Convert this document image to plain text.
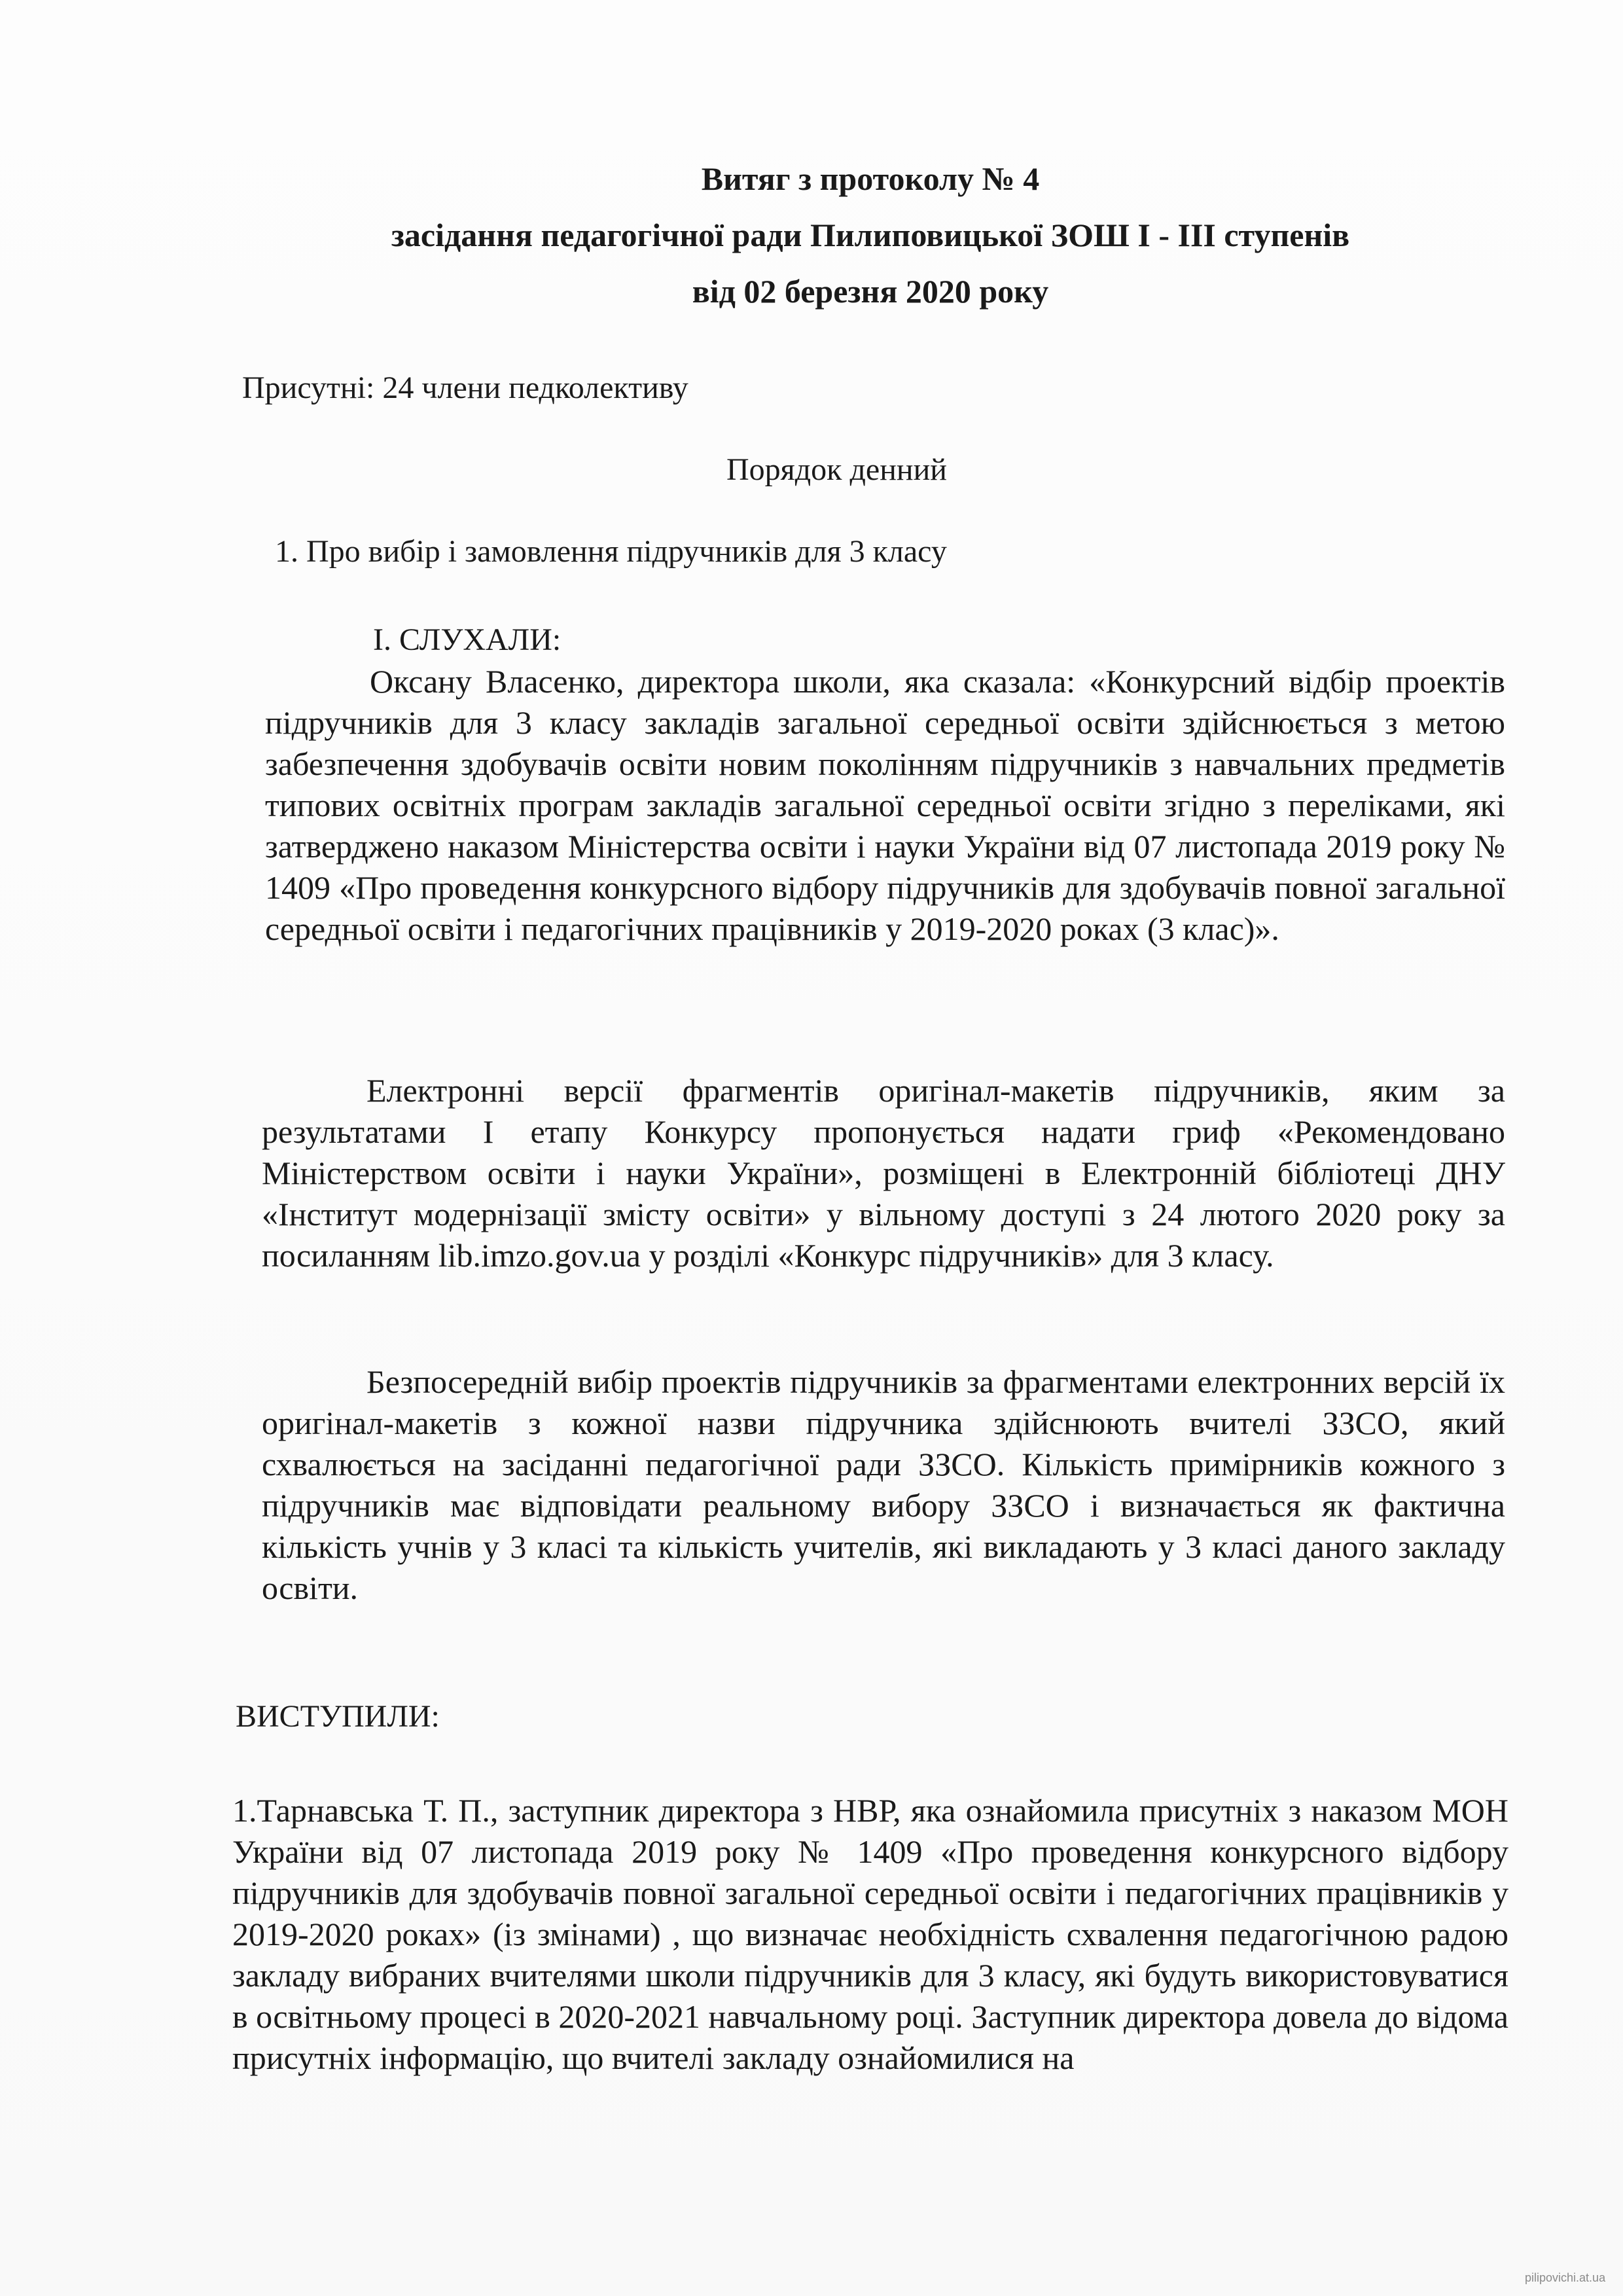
Витяг з протоколу № 4
засідання педагогічної ради Пилиповицької ЗОШ І - ІІІ ступенів
від 02 березня 2020 року
Присутні: 24 члени педколективу
Порядок денний
1. Про вибір і замовлення підручників для 3 класу
І. СЛУХАЛИ:
Оксану Власенко, директора школи, яка сказала: «Конкурсний відбір проектів підручників для 3 класу закладів загальної середньої освіти здійснюється з метою забезпечення здобувачів освіти новим поколінням підручників з навчальних предметів типових освітніх програм закладів загальної середньої освіти згідно з переліками, які затверджено наказом Міністерства освіти і науки України від 07 листопада 2019 року № 1409 «Про проведення конкурсного відбору підручників для здобувачів повної загальної середньої освіти і педагогічних працівників у 2019-2020 роках (3 клас)».
Електронні версії фрагментів оригінал-макетів підручників, яким за результатами І етапу Конкурсу пропонується надати гриф «Рекомендовано Міністерством освіти і науки України», розміщені в Електронній бібліотеці ДНУ «Інститут модернізації змісту освіти» у вільному доступі з 24 лютого 2020 року за посиланням lib.imzo.gov.ua у розділі «Конкурс підручників» для 3 класу.
Безпосередній вибір проектів підручників за фрагментами електронних версій їх оригінал-макетів з кожної назви підручника здійснюють вчителі ЗЗСО, який схвалюється на засіданні педагогічної ради ЗЗСО. Кількість примірників кожного з підручників має відповідати реальному вибору ЗЗСО і визначається як фактична кількість учнів у 3 класі та кількість учителів, які викладають у 3 класі даного закладу освіти.
ВИСТУПИЛИ:
1.Тарнавська Т. П., заступник директора з НВР, яка ознайомила присутніх з наказом МОН України від 07 листопада 2019 року № 1409 «Про проведення конкурсного відбору підручників для здобувачів повної загальної середньої освіти і педагогічних працівників у 2019-2020 роках» (із змінами) , що визначає необхідність схвалення педагогічною радою закладу вибраних вчителями школи підручників для 3 класу, які будуть використовуватися в освітньому процесі в 2020-2021 навчальному році. Заступник директора довела до відома присутніх інформацію, що вчителі закладу ознайомилися на
pilipovichi.at.ua
